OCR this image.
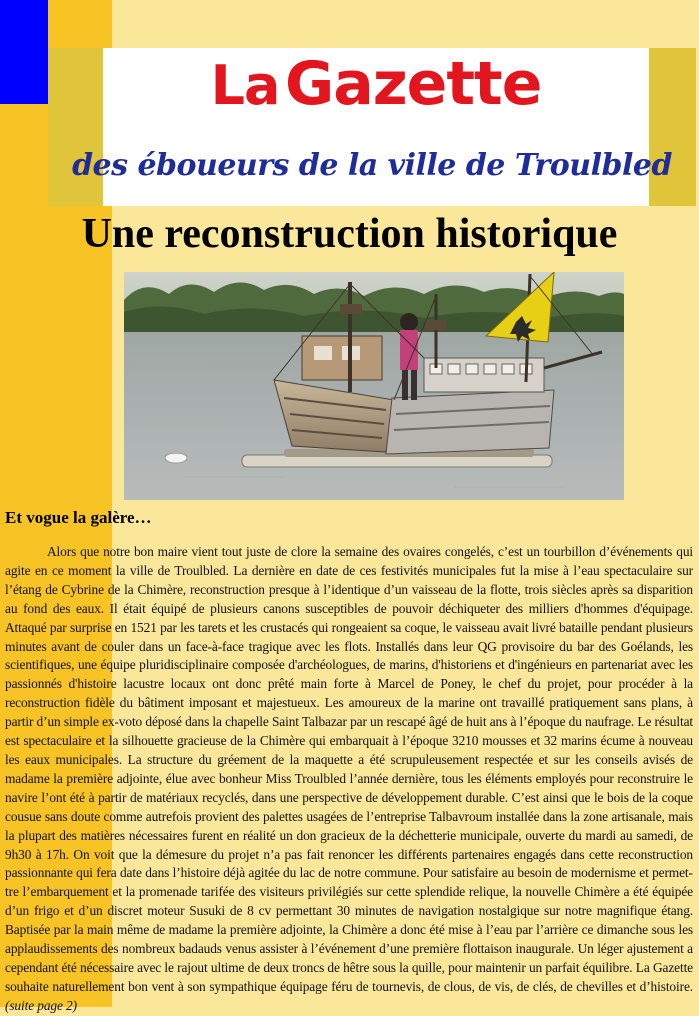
La Gazette
des éboueurs de la ville de Troulbled
Une reconstruction historique
Et vogue la galère…

Alors que notre bon maire vient tout juste de clore la semaine des ovaires congelés, c’est un tourbillon d’événements qui agite en ce moment la ville de Troulbled. La dernière en date de ces festivités municipales fut la mise à l’eau spectaculaire sur l’étang de Cybrine de la Chimère, reconstruction presque à l’identique d’un vaisseau de la flotte, trois siècles après sa disparition au fond des eaux. Il était équipé de plusieurs canons susceptibles de pouvoir déchiqueter des milliers d'hommes d'équipage. Attaqué par surprise en 1521 par les tarets et les crustacés qui rongeaient sa coque, le vaisseau avait livré bataille pendant plusieurs minutes avant de couler dans un face-à-face tragique avec les flots. Installés dans leur QG provisoire du bar des Goélands, les scientifiques, une équipe pluridisciplinaire composée d'archéologues, de marins, d'historiens et d'ingénieurs en partenariat avec les passionnés d'histoire lacustre locaux ont donc prêté main forte à Marcel de Poney, le chef du projet, pour procéder à la reconstruction fidèle du bâtiment imposant et majestueux. Les amoureux de la marine ont travaillé pratiquement sans plans, à partir d’un simple ex-voto déposé dans la chapelle Saint Talbazar par un rescapé âgé de huit ans à l’époque du naufrage. Le résultat est spectaculaire et la silhouette gracieuse de la Chimère qui embarquait à l’époque 3210 mousses et 32 marins écume à nouveau les eaux municipales. La structure du gréement de la maquette a été scrupuleusement respectée et sur les conseils avisés de madame la première adjointe, élue avec bonheur Miss Troulbled l’année dernière, tous les éléments employés pour reconstruire le navire l’ont été à partir de matériaux recyclés, dans une perspective de développement durable. C’est ainsi que le bois de la coque cousue sans doute comme autrefois provient des palettes usagées de l’entreprise Talbavroum installée dans la zone artisanale, mais la plupart des matières nécessaires furent en réalité un don gracieux de la déchetterie municipale, ouverte du mardi au samedi, de 9h30 à 17h. On voit que la démesure du projet n’a pas fait renoncer les différents partenaires engagés dans cette reconstruction passionnante qui fera date dans l’histoire déjà agitée du lac de notre commune. Pour satisfaire au besoin de modernisme et permettre l’embarquement et la promenade tarifée des visiteurs privilégiés sur cette splendide relique, la nouvelle Chimère a été équipée d’un frigo et d’un discret moteur Susuki de 8 cv permettant 30 minutes de navigation nostalgique sur notre magnifique étang. Baptisée par la main même de madame la première adjointe, la Chimère a donc été mise à l’eau par l’arrière ce dimanche sous les applaudissements des nombreux badauds venus assister à l’événement d’une première flottaison inaugurale. Un léger ajustement a cependant été nécessaire avec le rajout ultime de deux troncs de hêtre sous la quille, pour maintenir un parfait équilibre. La Gazette souhaite naturellement bon vent à son sympathique équipage féru de tournevis, de clous, de vis, de clés, de chevilles et d’histoire. (suite page 2)
